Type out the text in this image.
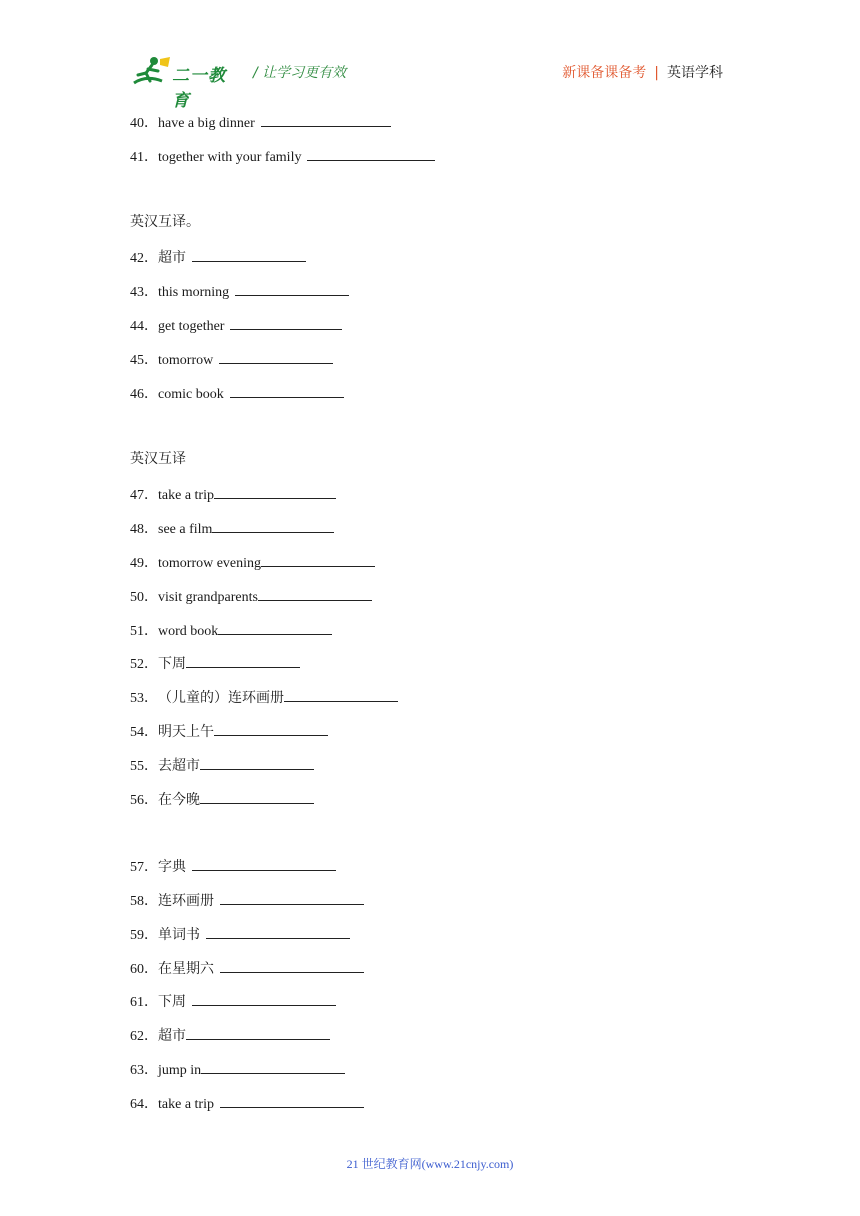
二一教育
/ 让学习更有效	新课备课备考 | 英语学科
40．have a big dinner
41．together with your family
英汉互译。
42．超市
43．this morning
44．get together
45．tomorrow
46．comic book
英汉互译
47．take a trip
48．see a film
49．tomorrow evening
50．visit grandparents
51．word book
52．下周
53．（儿童的）连环画册
54．明天上午
55．去超市
56．在今晚
57．字典
58．连环画册
59．单词书
60．在星期六
61．下周
62．超市
63．jump in
64．take a trip
21 世纪教育网(www.21cnjy.com)
